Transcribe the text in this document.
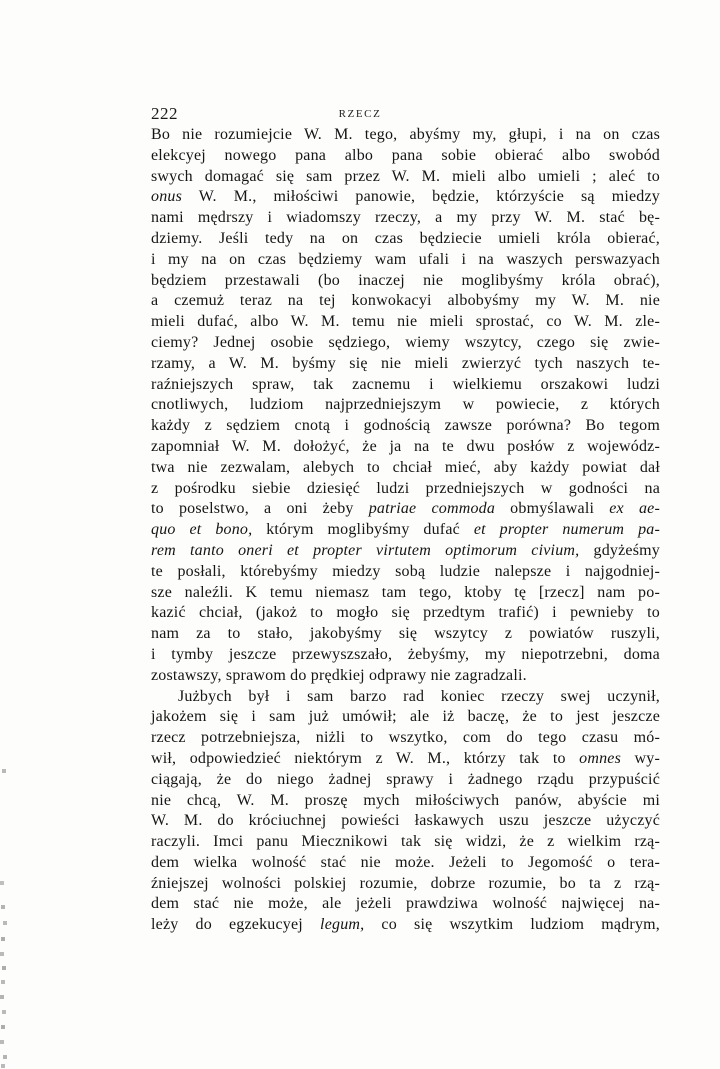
222	RZECZ
Bo nie rozumiejcie W. M. tego, abyśmy my, głupi, i na on czas
elekcyej nowego pana albo pana sobie obierać albo swobód
swych domagać się sam przez W. M. mieli albo umieli ; aleć to
onus W. M., miłościwi panowie, będzie, którzyście są miedzy
nami mędrszy i wiadomszy rzeczy, a my przy W. M. stać bę-
dziemy. Jeśli tedy na on czas będziecie umieli króla obierać,
i my na on czas będziemy wam ufali i na waszych perswazyach
będziem przestawali (bo inaczej nie moglibyśmy króla obrać),
a czemuż teraz na tej konwokacyi albobyśmy my W. M. nie
mieli dufać, albo W. M. temu nie mieli sprostać, co W. M. zle-
ciemy? Jednej osobie sędziego, wiemy wszytcy, czego się zwie-
rzamy, a W. M. byśmy się nie mieli zwierzyć tych naszych te-
raźniejszych spraw, tak zacnemu i wielkiemu orszakowi ludzi
cnotliwych, ludziom najprzedniejszym w powiecie, z których
każdy z sędziem cnotą i godnością zawsze porówna? Bo tegom
zapomniał W. M. dołożyć, że ja na te dwu posłów z wojewódz-
twa nie zezwalam, alebych to chciał mieć, aby każdy powiat dał
z pośrodku siebie dziesięć ludzi przedniejszych w godności na
to poselstwo, a oni żeby patriae commoda obmyślawali ex ae-
quo et bono, którym moglibyśmy dufać et propter numerum pa-
rem tanto oneri et propter virtutem optimorum civium, gdyżeśmy
te posłali, którebyśmy miedzy sobą ludzie nalepsze i najgodniej-
sze naleźli. K temu niemasz tam tego, ktoby tę [rzecz] nam po-
kazić chciał, (jakoż to mogło się przedtym trafić) i pewnieby to
nam za to stało, jakobyśmy się wszytcy z powiatów ruszyli,
i tymby jeszcze przewyszszało, żebyśmy, my niepotrzebni, doma
zostawszy, sprawom do prędkiej odprawy nie zagradzali.
Jużbych był i sam barzo rad koniec rzeczy swej uczynił,
jakożem się i sam już umówił; ale iż baczę, że to jest jeszcze
rzecz potrzebniejsza, niżli to wszytko, com do tego czasu mó-
wił, odpowiedzieć niektórym z W. M., którzy tak to omnes wy-
ciągają, że do niego żadnej sprawy i żadnego rządu przypuścić
nie chcą, W. M. proszę mych miłościwych panów, abyście mi
W. M. do króciuchnej powieści łaskawych uszu jeszcze użyczyć
raczyli. Imci panu Miecznikowi tak się widzi, że z wielkim rzą-
dem wielka wolność stać nie może. Jeżeli to Jegomość o tera-
źniejszej wolności polskiej rozumie, dobrze rozumie, bo ta z rzą-
dem stać nie może, ale jeżeli prawdziwa wolność najwięcej na-
leży do egzekucyej legum, co się wszytkim ludziom mądrym,
